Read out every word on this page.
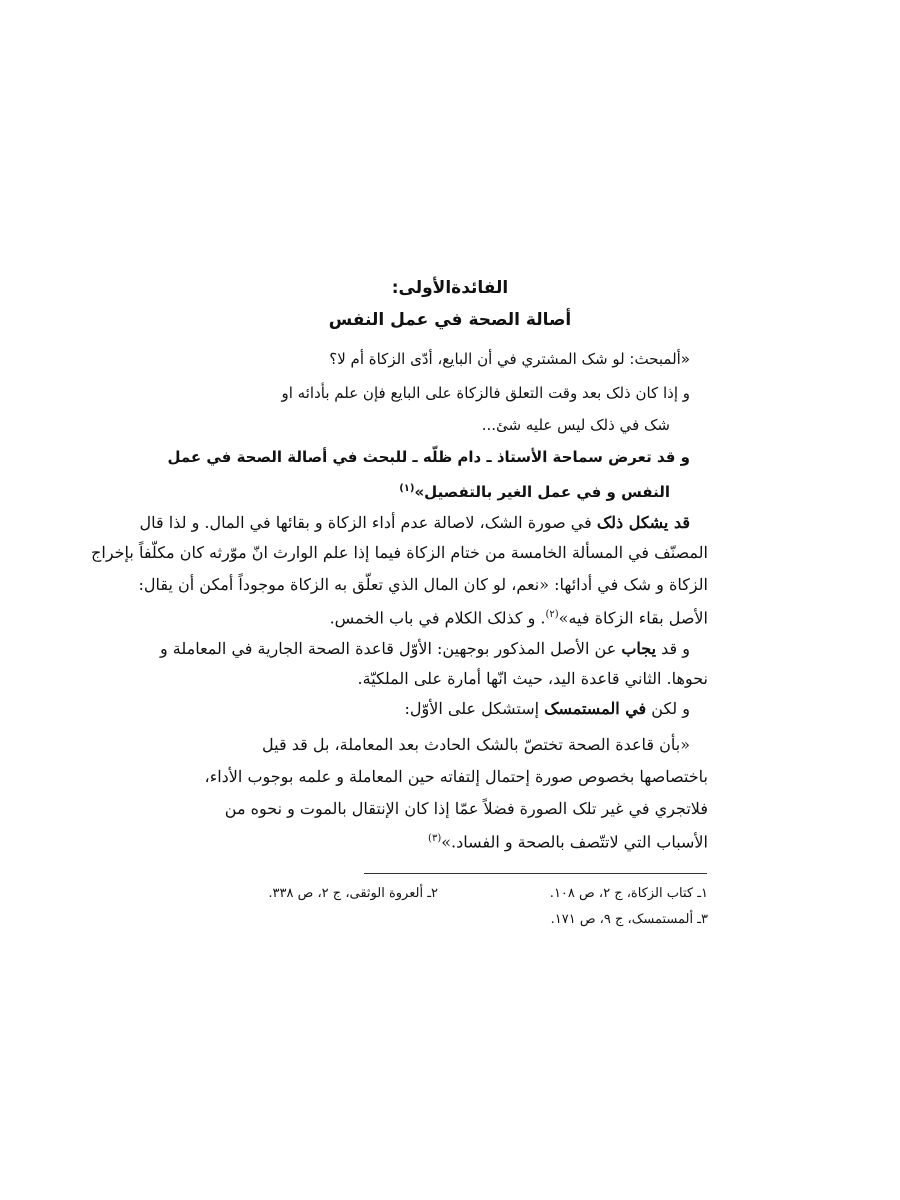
الفائدةالأولی:
أصالة الصحة في عمل النفس
«ألمبحث: لو شک المشتري في أن البايع، أدّی الزکاة أم لا؟
و إذا کان ذلک بعد وقت التعلق فالزکاة علی البايع فإن علم بأدائه او
شک في ذلک ليس عليه شئ...
و قد تعرض سماحة الأستاذ ـ دام ظلّه ـ للبحث في أصالة الصحة في عمل
النفس و في عمل الغير بالتفصيل»$^{(۱)}$
قد يشکل ذلک في صورة الشک، لاصالة عدم أداء الزکاة و بقائها في المال. و لذا قال
المصنّف في المسألة الخامسة من ختام الزکاة فيما إذا علم الوارث انّ موّرثه کان مکلّفاً بإخراج
الزکاة و شک في أدائها: «نعم، لو کان المال الذي تعلّق به الزکاة موجوداً أمکن أن يقال:
الأصل بقاء الزکاة فيه»$^{(۲)}$. و کذلک الکلام في باب الخمس.
و قد يجاب عن الأصل المذکور بوجهين: الأوّل قاعدة الصحة الجارية في المعاملة و
نحوها. الثاني قاعدة اليد، حيث انّها أمارة علی الملکيّة.
و لکن في المستمسک إستشکل علی الأوّل:
«بأن قاعدة الصحة تختصّ بالشک الحادث بعد المعاملة، بل قد قيل
باختصاصها بخصوص صورة إحتمال إلتفاته حين المعاملة و علمه بوجوب الأداء،
فلاتجري في غير تلک الصورة فضلاً عمّا إذا کان الإنتقال بالموت و نحوه من
الأسباب التي لاتتّصف بالصحة و الفساد.»$^{(۳)}$
۱ـ کتاب الزکاة، ج ۲، ص ۱۰۸.
۲ـ ألعروة الوثقی، ج ۲، ص ۳۳۸.
۳ـ ألمستمسک، ج ۹، ص ۱۷۱.
